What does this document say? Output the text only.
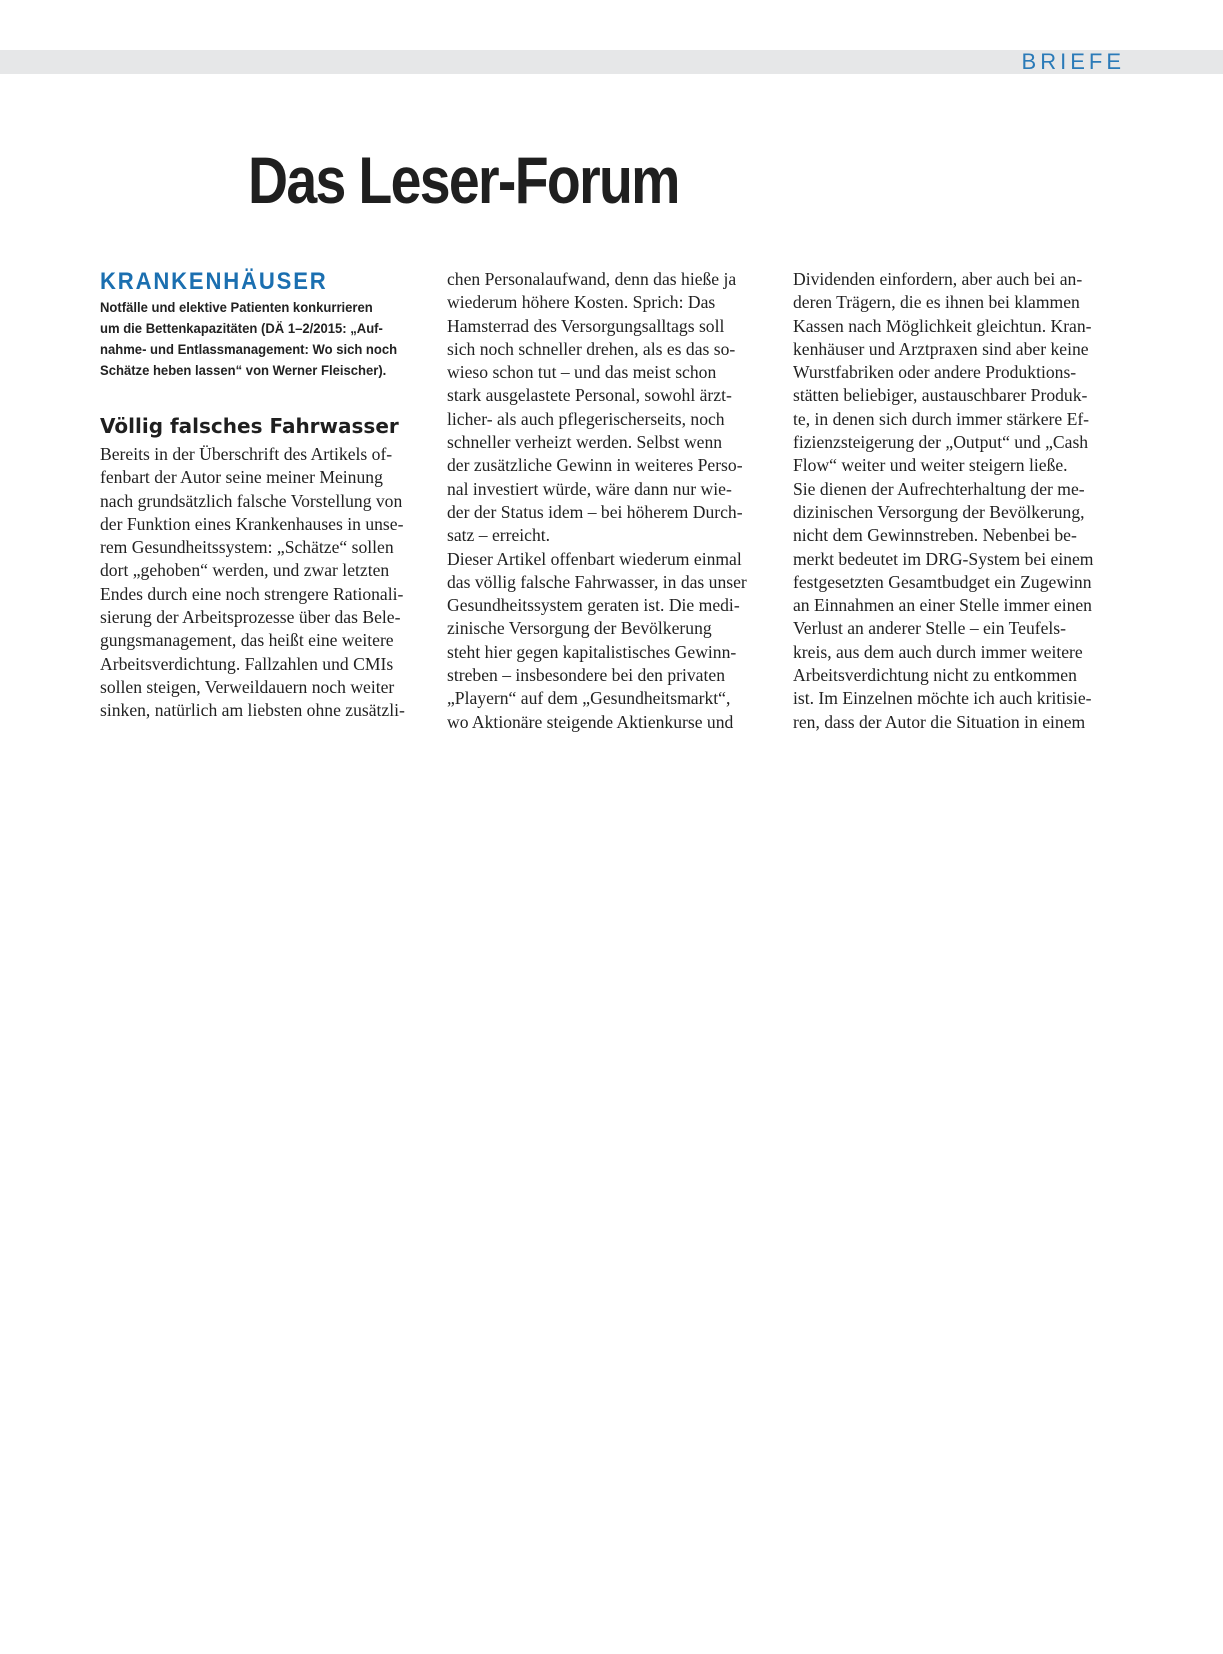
BRIEFE
Das Leser-Forum
KRANKENHÄUSER
Notfälle und elektive Patienten konkurrieren
um die Bettenkapazitäten (DÄ 1–2/2015: „Auf-
nahme- und Entlassmanagement: Wo sich noch
Schätze heben lassen“ von Werner Fleischer).
Völlig falsches Fahrwasser
Bereits in der Überschrift des Artikels of-
fenbart der Autor seine meiner Meinung
nach grundsätzlich falsche Vorstellung von
der Funktion eines Krankenhauses in unse-
rem Gesundheitssystem: „Schätze“ sollen
dort „gehoben“ werden, und zwar letzten
Endes durch eine noch strengere Rationali-
sierung der Arbeitsprozesse über das Bele-
gungsmanagement, das heißt eine weitere
Arbeitsverdichtung. Fallzahlen und CMIs
sollen steigen, Verweildauern noch weiter
sinken, natürlich am liebsten ohne zusätzli-
chen Personalaufwand, denn das hieße ja
wiederum höhere Kosten. Sprich: Das
Hamsterrad des Versorgungsalltags soll
sich noch schneller drehen, als es das so-
wieso schon tut – und das meist schon
stark ausgelastete Personal, sowohl ärzt-
licher- als auch pflegerischerseits, noch
schneller verheizt werden. Selbst wenn
der zusätzliche Gewinn in weiteres Perso-
nal investiert würde, wäre dann nur wie-
der der Status idem – bei höherem Durch-
satz – erreicht.
Dieser Artikel offenbart wiederum einmal
das völlig falsche Fahrwasser, in das unser
Gesundheitssystem geraten ist. Die medi-
zinische Versorgung der Bevölkerung
steht hier gegen kapitalistisches Gewinn-
streben – insbesondere bei den privaten
„Playern“ auf dem „Gesundheitsmarkt“,
wo Aktionäre steigende Aktienkurse und
Dividenden einfordern, aber auch bei an-
deren Trägern, die es ihnen bei klammen
Kassen nach Möglichkeit gleichtun. Kran-
kenhäuser und Arztpraxen sind aber keine
Wurstfabriken oder andere Produktions-
stätten beliebiger, austauschbarer Produk-
te, in denen sich durch immer stärkere Ef-
fizienzsteigerung der „Output“ und „Cash
Flow“ weiter und weiter steigern ließe.
Sie dienen der Aufrechterhaltung der me-
dizinischen Versorgung der Bevölkerung,
nicht dem Gewinnstreben. Nebenbei be-
merkt bedeutet im DRG-System bei einem
festgesetzten Gesamtbudget ein Zugewinn
an Einnahmen an einer Stelle immer einen
Verlust an anderer Stelle – ein Teufels-
kreis, aus dem auch durch immer weitere
Arbeitsverdichtung nicht zu entkommen
ist. Im Einzelnen möchte ich auch kritisie-
ren, dass der Autor die Situation in einem
